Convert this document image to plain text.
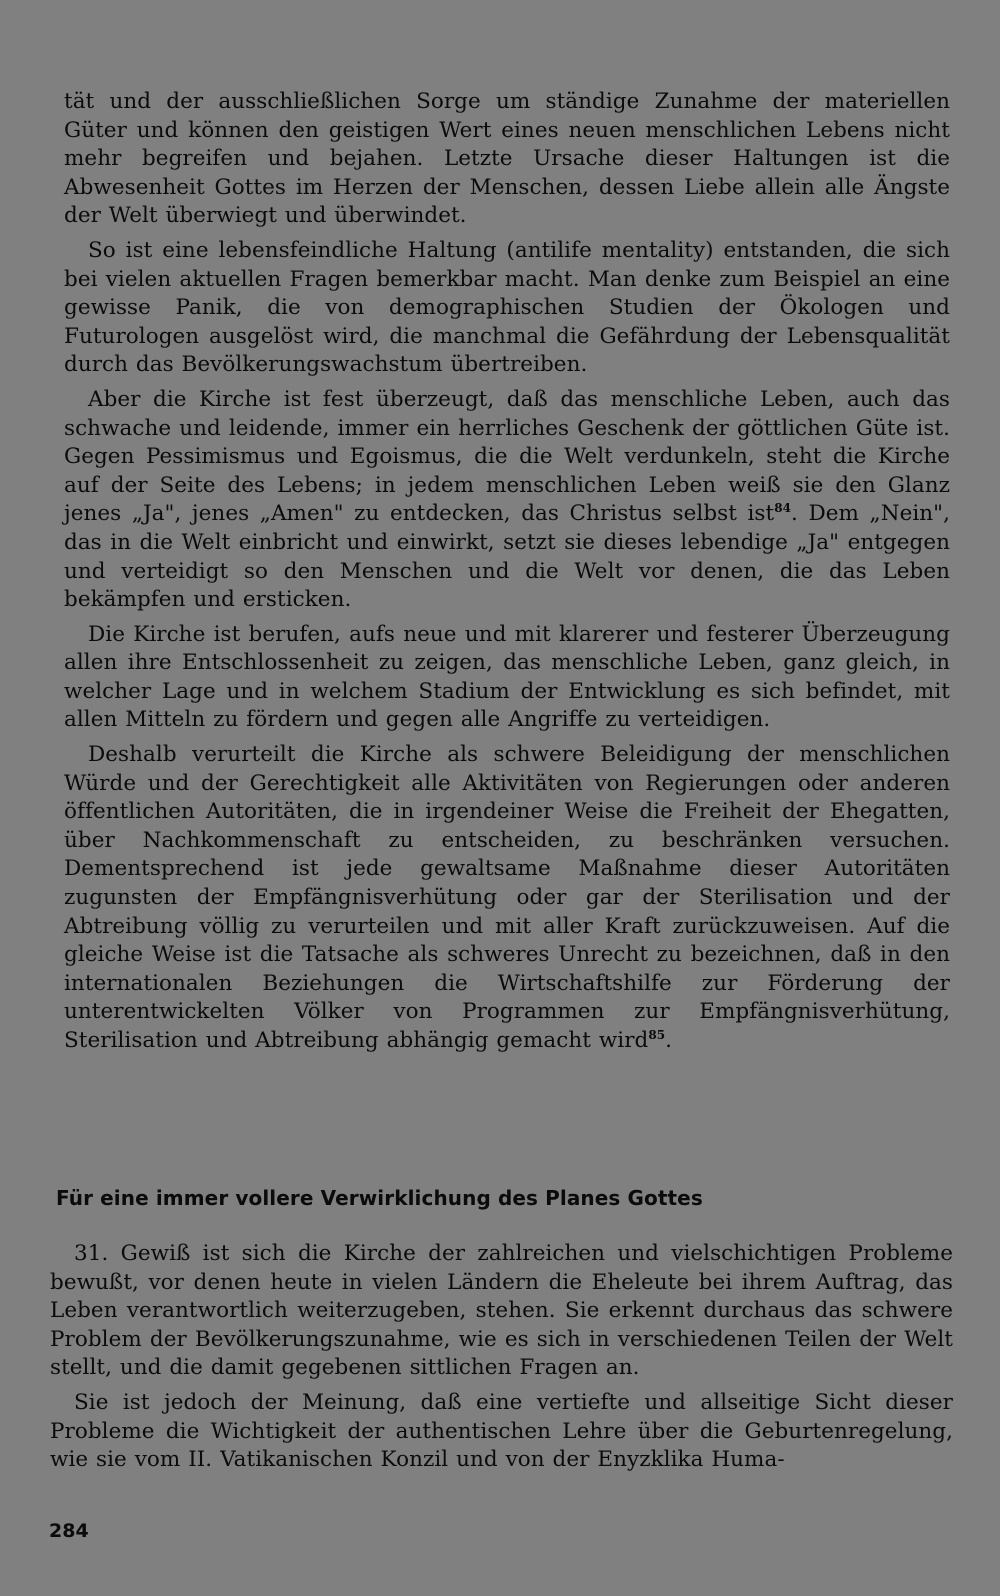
tät und der ausschließlichen Sorge um ständige Zunahme der materiellen Güter und können den geistigen Wert eines neuen menschlichen Lebens nicht mehr begreifen und bejahen. Letzte Ursache dieser Haltungen ist die Abwesenheit Gottes im Herzen der Menschen, dessen Liebe allein alle Ängste der Welt überwiegt und überwindet.

So ist eine lebensfeindliche Haltung (antilife mentality) entstanden, die sich bei vielen aktuellen Fragen bemerkbar macht. Man denke zum Beispiel an eine gewisse Panik, die von demographischen Studien der Ökologen und Futurologen ausgelöst wird, die manchmal die Gefährdung der Lebensqualität durch das Bevölkerungswachstum übertreiben.

Aber die Kirche ist fest überzeugt, daß das menschliche Leben, auch das schwache und leidende, immer ein herrliches Geschenk der göttlichen Güte ist. Gegen Pessimismus und Egoismus, die die Welt verdunkeln, steht die Kirche auf der Seite des Lebens; in jedem menschlichen Leben weiß sie den Glanz jenes „Ja", jenes „Amen" zu entdecken, das Christus selbst ist$^{84}$. Dem „Nein", das in die Welt einbricht und einwirkt, setzt sie dieses lebendige „Ja" entgegen und verteidigt so den Menschen und die Welt vor denen, die das Leben bekämpfen und ersticken.

Die Kirche ist berufen, aufs neue und mit klarerer und festerer Überzeugung allen ihre Entschlossenheit zu zeigen, das menschliche Leben, ganz gleich, in welcher Lage und in welchem Stadium der Entwicklung es sich befindet, mit allen Mitteln zu fördern und gegen alle Angriffe zu verteidigen.

Deshalb verurteilt die Kirche als schwere Beleidigung der menschlichen Würde und der Gerechtigkeit alle Aktivitäten von Regierungen oder anderen öffentlichen Autoritäten, die in irgendeiner Weise die Freiheit der Ehegatten, über Nachkommenschaft zu entscheiden, zu beschränken versuchen. Dementsprechend ist jede gewaltsame Maßnahme dieser Autoritäten zugunsten der Empfängnisverhütung oder gar der Sterilisation und der Abtreibung völlig zu verurteilen und mit aller Kraft zurückzuweisen. Auf die gleiche Weise ist die Tatsache als schweres Unrecht zu bezeichnen, daß in den internationalen Beziehungen die Wirtschaftshilfe zur Förderung der unterentwickelten Völker von Programmen zur Empfängnisverhütung, Sterilisation und Abtreibung abhängig gemacht wird$^{85}$.

Für eine immer vollere Verwirklichung des Planes Gottes

31. Gewiß ist sich die Kirche der zahlreichen und vielschichtigen Probleme bewußt, vor denen heute in vielen Ländern die Eheleute bei ihrem Auftrag, das Leben verantwortlich weiterzugeben, stehen. Sie erkennt durchaus das schwere Problem der Bevölkerungszunahme, wie es sich in verschiedenen Teilen der Welt stellt, und die damit gegebenen sittlichen Fragen an.

Sie ist jedoch der Meinung, daß eine vertiefte und allseitige Sicht dieser Probleme die Wichtigkeit der authentischen Lehre über die Geburtenregelung, wie sie vom II. Vatikanischen Konzil und von der Enyzklika Huma-

284
